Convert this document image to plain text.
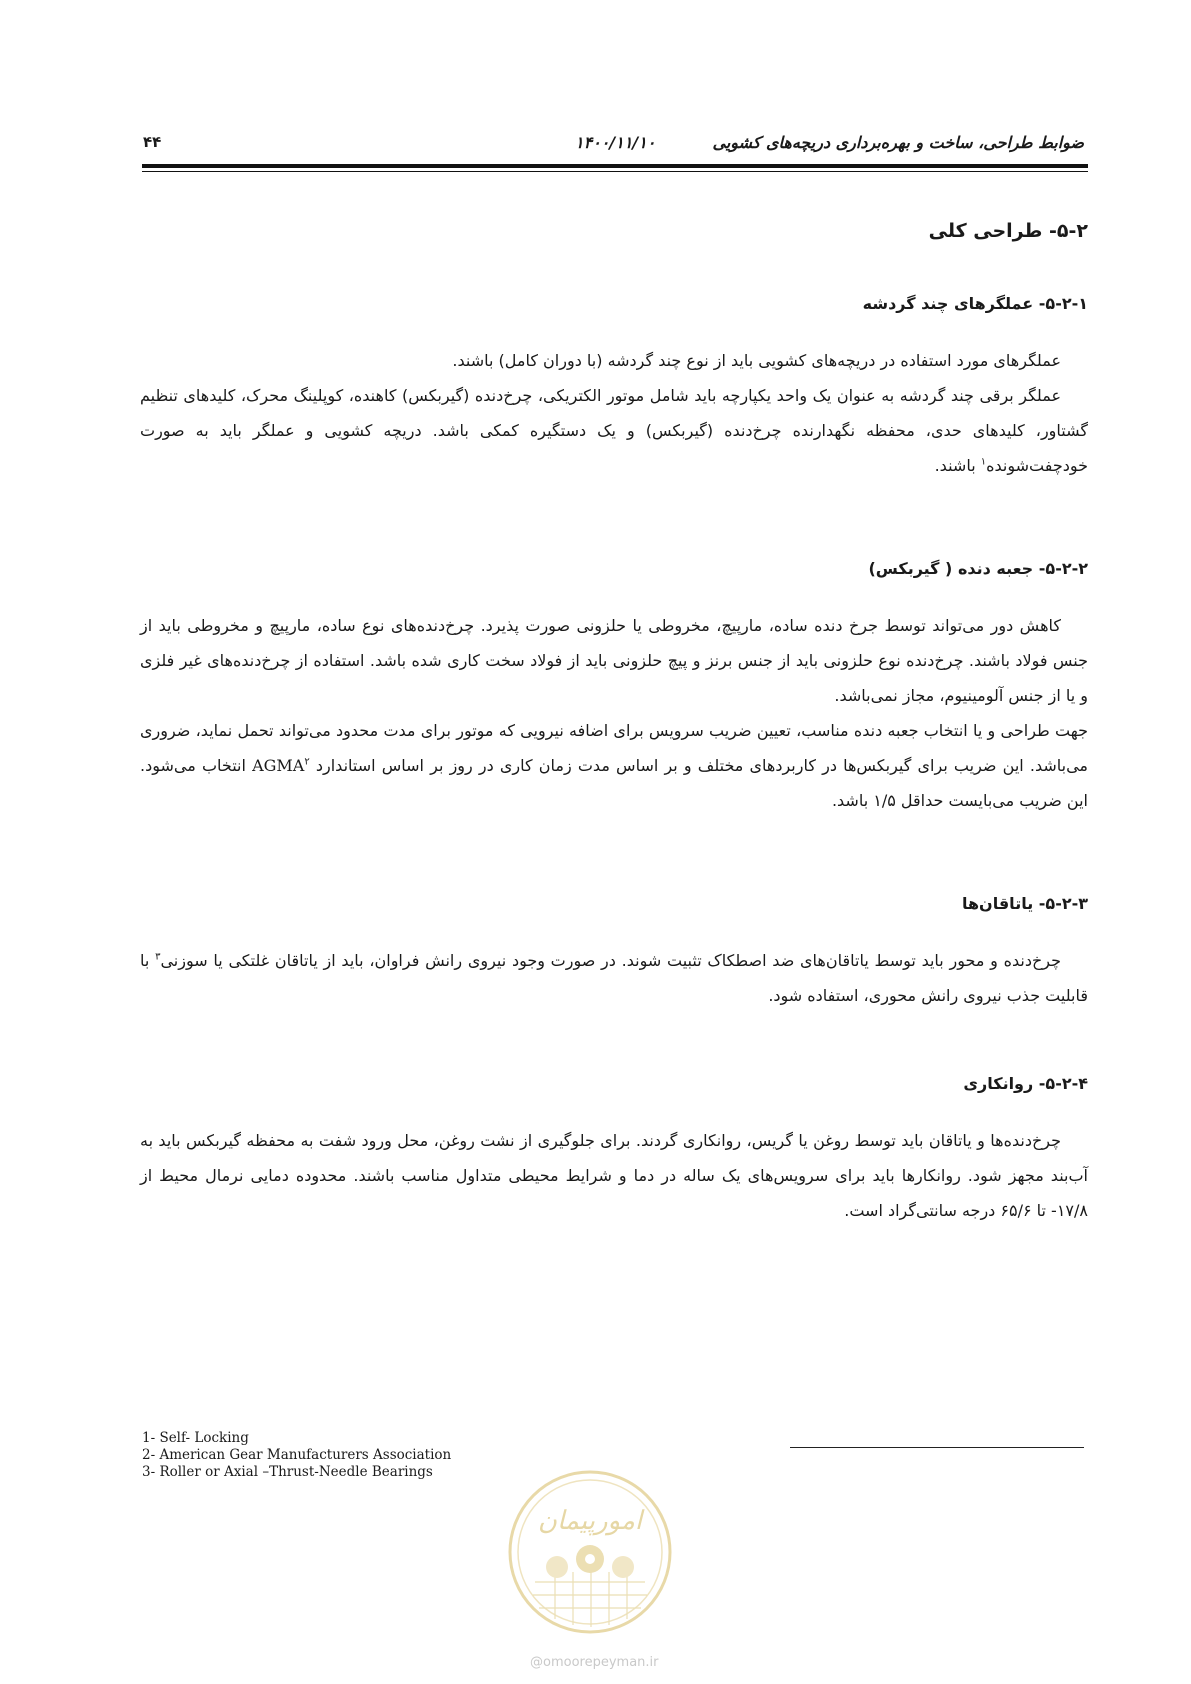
ضوابط طراحی، ساخت و بهره‌برداری دریچه‌های کشویی
۱۴۰۰/۱۱/۱۰
۴۴
۵-۲- طراحی کلی
۵-۲-۱- عملگرهای چند گردشه

عملگرهای مورد استفاده در دریچه‌های کشویی باید از نوع چند گردشه (با دوران کامل) باشند.

عملگر برقی چند گردشه به عنوان یک واحد یکپارچه باید شامل موتور الکتریکی، چرخ‌دنده (گیربکس) کاهنده، کوپلینگ محرک، کلیدهای تنظیم گشتاور، کلیدهای حدی، محفظه نگهدارنده چرخ‌دنده (گیربکس) و یک دستگیره کمکی باشد. دریچه کشویی و عملگر باید به صورت خودچفت‌شونده$^۱$ باشند.

۵-۲-۲- جعبه دنده ( گیربکس)

کاهش دور می‌تواند توسط جرخ دنده ساده، مارپیچ، مخروطی یا حلزونی صورت پذیرد. چرخ‌دنده‌های نوع ساده، مارپیچ و مخروطی باید از جنس فولاد باشند. چرخ‌دنده نوع حلزونی باید از جنس برنز و پیچ حلزونی باید از فولاد سخت کاری شده باشد. استفاده از چرخ‌دنده‌های غیر فلزی و یا از جنس آلومینیوم، مجاز نمی‌باشد.

جهت طراحی و یا انتخاب جعبه دنده مناسب، تعیین ضریب سرویس برای اضافه نیرویی که موتور برای مدت محدود می‌تواند تحمل نماید، ضروری می‌باشد. این ضریب برای گیربکس‌ها در کاربردهای مختلف و بر اساس مدت زمان کاری در روز بر اساس استاندارد AGMA$^۲$ انتخاب می‌شود. این ضریب می‌بایست حداقل ۱/۵ باشد.

۵-۲-۳- یاتاقان‌ها

چرخ‌دنده و محور باید توسط یاتاقان‌های ضد اصطکاک تثبیت شوند. در صورت وجود نیروی رانش فراوان، باید از یاتاقان غلتکی یا سوزنی$^۳$ با قابلیت جذب نیروی رانش محوری، استفاده شود.

۵-۲-۴- روانکاری

چرخ‌دنده‌ها و یاتاقان باید توسط روغن یا گریس، روانکاری گردند. برای جلوگیری از نشت روغن، محل ورود شفت به محفظه گیربکس باید به آب‌بند مجهز شود. روانکارها باید برای سرویس‌های یک ساله در دما و شرایط محیطی متداول مناسب باشند. محدوده دمایی نرمال محیط از ۱۷/۸- تا ۶۵/۶ درجه سانتی‌گراد است.

1- Self- Locking
2- American Gear Manufacturers Association
3- Roller or Axial –Thrust-Needle Bearings
امورپیمان
@omoorepeyman.ir
